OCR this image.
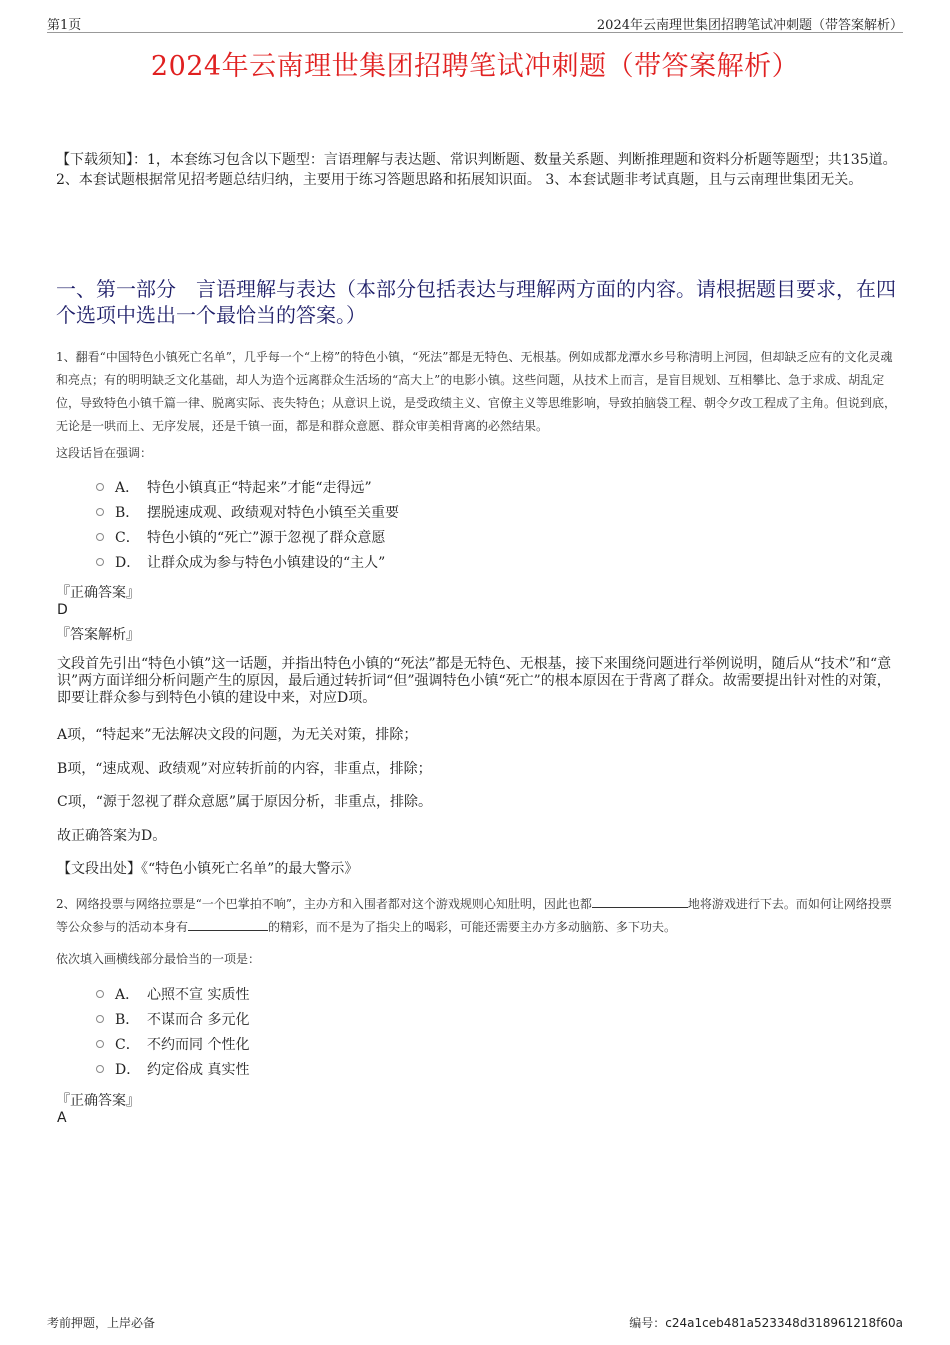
第1页	2024年云南理世集团招聘笔试冲刺题（带答案解析）
2024年云南理世集团招聘笔试冲刺题（带答案解析）
【下载须知】：1，本套练习包含以下题型：言语理解与表达题、常识判断题、数量关系题、判断推理题和资料分析题等题型；共135道。 2、本套试题根据常见招考题总结归纳，主要用于练习答题思路和拓展知识面。 3、本套试题非考试真题，且与云南理世集团无关。
一、第一部分　言语理解与表达（本部分包括表达与理解两方面的内容。请根据题目要求，在四个选项中选出一个最恰当的答案。）
1、翻看“中国特色小镇死亡名单”，几乎每一个“上榜”的特色小镇，“死法”都是无特色、无根基。例如成都龙潭水乡号称清明上河园，但却缺乏应有的文化灵魂和亮点；有的明明缺乏文化基础，却人为造个远离群众生活场的“高大上”的电影小镇。这些问题，从技术上而言，是盲目规划、互相攀比、急于求成、胡乱定位，导致特色小镇千篇一律、脱离实际、丧失特色；从意识上说，是受政绩主义、官僚主义等思维影响，导致拍脑袋工程、朝令夕改工程成了主角。但说到底，无论是一哄而上、无序发展，还是千镇一面，都是和群众意愿、群众审美相背离的必然结果。
这段话旨在强调：
A． 特色小镇真正“特起来”才能“走得远”
B． 摆脱速成观、政绩观对特色小镇至关重要
C． 特色小镇的“死亡”源于忽视了群众意愿
D． 让群众成为参与特色小镇建设的“主人”
『正确答案』
D
『答案解析』
文段首先引出“特色小镇”这一话题，并指出特色小镇的“死法”都是无特色、无根基，接下来围绕问题进行举例说明，随后从“技术”和“意识”两方面详细分析问题产生的原因，最后通过转折词“但”强调特色小镇“死亡”的根本原因在于背离了群众。故需要提出针对性的对策，即要让群众参与到特色小镇的建设中来，对应D项。
A项，“特起来”无法解决文段的问题，为无关对策，排除；
B项，“速成观、政绩观”对应转折前的内容，非重点，排除；
C项，“源于忽视了群众意愿”属于原因分析，非重点，排除。
故正确答案为D。
【文段出处】《“特色小镇死亡名单”的最大警示》
2、网络投票与网络拉票是“一个巴掌拍不响”，主办方和入围者都对这个游戏规则心知肚明，因此也都	地将游戏进行下去。而如何让网络投票等公众参与的活动本身有	的精彩，而不是为了指尖上的喝彩，可能还需要主办方多动脑筋、多下功夫。
依次填入画横线部分最恰当的一项是：
A． 心照不宣 实质性
B． 不谋而合 多元化
C． 不约而同 个性化
D． 约定俗成 真实性
『正确答案』
A
考前押题，上岸必备	编号：c24a1ceb481a523348d318961218f60a
